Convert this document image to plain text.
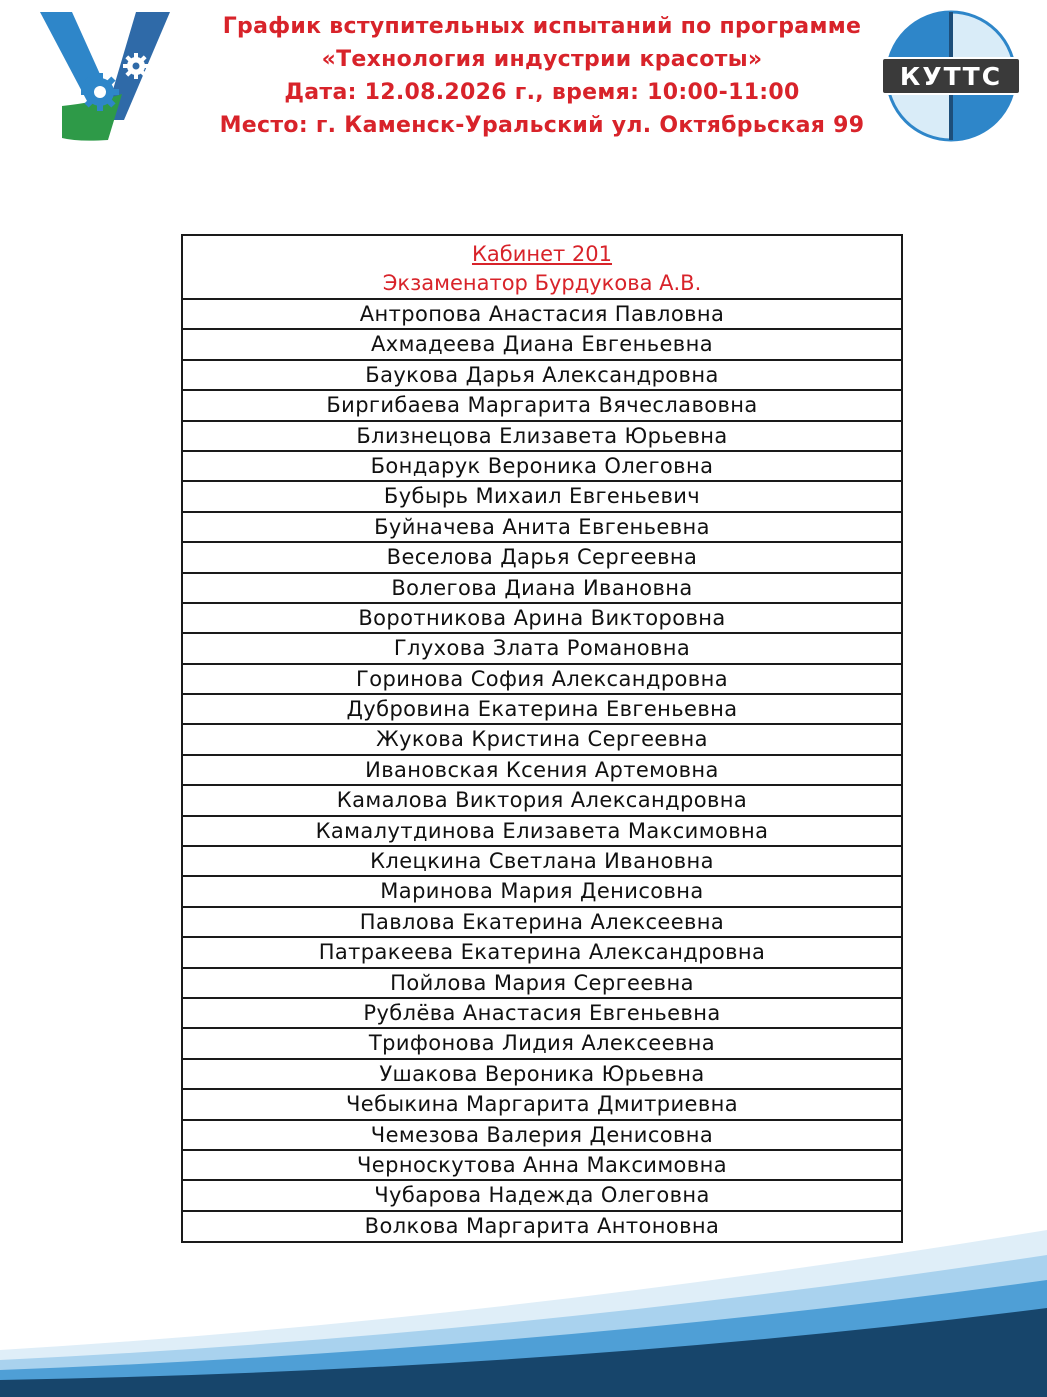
График вступительных испытаний по программе
«Технология индустрии красоты»
Дата: 12.08.2026 г., время: 10:00-11:00
Место: г. Каменск-Уральский ул. Октябрьская 99
КУТТС
Кабинет 201
Экзаменатор Бурдукова А.В.
Антропова Анастасия Павловна
Ахмадеева Диана Евгеньевна
Баукова Дарья Александровна
Биргибаева Маргарита Вячеславовна
Близнецова Елизавета Юрьевна
Бондарук Вероника Олеговна
Бубырь Михаил Евгеньевич
Буйначева Анита Евгеньевна
Веселова Дарья Сергеевна
Волегова Диана Ивановна
Воротникова Арина Викторовна
Глухова Злата Романовна
Горинова София Александровна
Дубровина Екатерина Евгеньевна
Жукова Кристина Сергеевна
Ивановская Ксения Артемовна
Камалова Виктория Александровна
Камалутдинова Елизавета Максимовна
Клецкина Светлана Ивановна
Маринова Мария Денисовна
Павлова Екатерина Алексеевна
Патракеева Екатерина Александровна
Пойлова Мария Сергеевна
Рублёва Анастасия Евгеньевна
Трифонова Лидия Алексеевна
Ушакова Вероника Юрьевна
Чебыкина Маргарита Дмитриевна
Чемезова Валерия Денисовна
Черноскутова Анна Максимовна
Чубарова Надежда Олеговна
Волкова Маргарита Антоновна
